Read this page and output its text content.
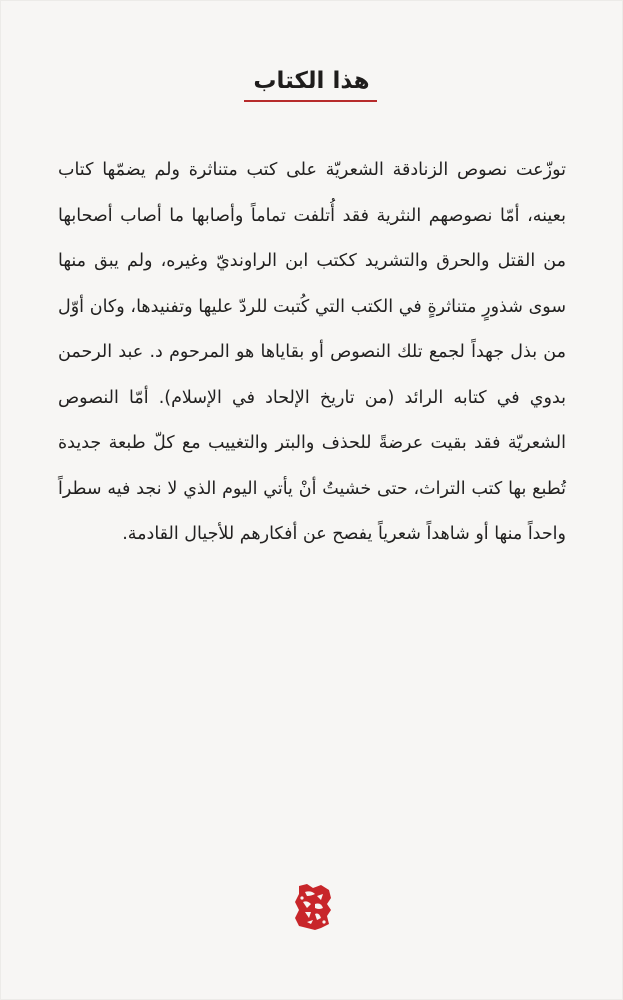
هذا الكتاب
توزّعت نصوص الزنادقة الشعريّة على كتب متناثرة ولم يضمّها كتاب بعينه، أمّا نصوصهم النثرية فقد أُتلفت تماماً وأصابها ما أصاب أصحابها من القتل والحرق والتشريد ككتب ابن الراونديّ وغيره، ولم يبق منها سوى شذورٍ متناثرةٍ في الكتب التي كُتبت للردّ عليها وتفنيدها، وكان أوّل من بذل جهداً لجمع تلك النصوص أو بقاياها هو المرحوم د. عبد الرحمن بدوي في كتابه الرائد (من تاريخ الإلحاد في الإسلام). أمّا النصوص الشعريّة فقد بقيت عرضةً للحذف والبتر والتغييب مع كلّ طبعة جديدة تُطبع بها كتب التراث، حتى خشيتُ أنْ يأتي اليوم الذي لا نجد فيه سطراً واحداً منها أو شاهداً شعرياً يفصح عن أفكارهم للأجيال القادمة.
